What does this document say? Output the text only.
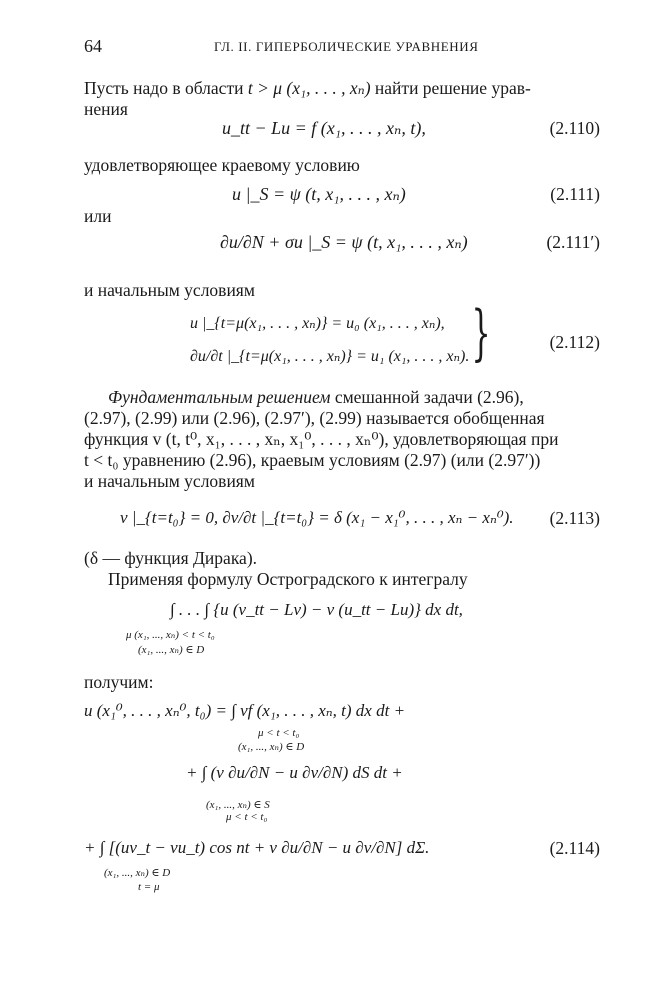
64	ГЛ. II. ГИПЕРБОЛИЧЕСКИЕ УРАВНЕНИЯ
Пусть надо в области t > μ (x₁, . . . , xₙ) найти решение урав-
нения
u_tt − Lu = f (x₁, . . . , xₙ, t),	(2.110)
удовлетворяющее краевому условию
u |_S = ψ (t, x₁, . . . , xₙ)	(2.111)
или
∂u/∂N + σu |_S = ψ (t, x₁, . . . , xₙ)	(2.111′)
и начальным условиям
u |_{t=μ(x₁, . . . , xₙ)} = u₀ (x₁, . . . , xₙ),
∂u/∂t |_{t=μ(x₁, . . . , xₙ)} = u₁ (x₁, . . . , xₙ). }	(2.112)
Фундаментальным решением смешанной задачи (2.96),
(2.97), (2.99) или (2.96), (2.97′), (2.99) называется обобщенная
функция v (t, t⁰, x₁, . . . , xₙ, x₁⁰, . . . , xₙ⁰), удовлетворяющая при
t < t₀ уравнению (2.96), краевым условиям (2.97) (или (2.97′))
и начальным условиям
v |_{t=t₀} = 0, ∂v/∂t |_{t=t₀} = δ (x₁ − x₁⁰, . . . , xₙ − xₙ⁰). (2.113)
(δ — функция Дирака).
Применяя формулу Остроградского к интегралу
∫ . . . ∫ {u (v_tt − Lv) − v (u_tt − Lu)} dx dt,
μ (x₁, ..., xₙ) < t < t₀
(x₁, ..., xₙ) ∈ D
получим:
u (x₁⁰, . . . , xₙ⁰, t₀) = ∫ vf (x₁, . . . , xₙ, t) dx dt +
μ < t < t₀
(x₁, ..., xₙ) ∈ D
+ ∫ (v ∂u/∂N − u ∂v/∂N) dS dt +
(x₁, ..., xₙ) ∈ S
μ < t < t₀
+ ∫ [(uv_t − vu_t) cos nt + v ∂u/∂N − u ∂v/∂N] dΣ.	(2.114)
(x₁, ..., xₙ) ∈ D
t = μ
